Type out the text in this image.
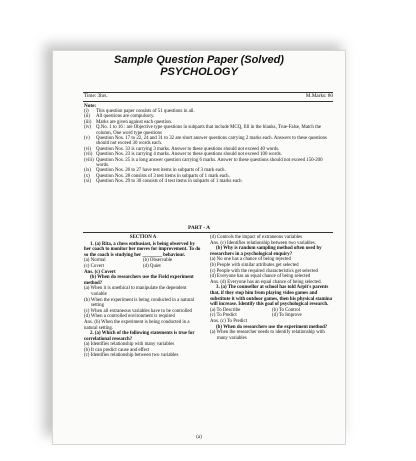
Sample Question Paper (Solved)
PSYCHOLOGY
Time: 3hrs.	M.Marks: 80
Note:
(i)	This question paper consists of 51 questions in all.
(ii)	All questions are compulsory.
(iii) Marks are given against each question.
(iv)	Q.No. 1 to 16 : are Objective type questions in subparts that include MCQ, fill in the blanks, True-False, Match the column, One word type questions
(v)	Question Nos. 17 to 22, 24 and 31 to 32 are short answer questions carrying 2 marks each. Answers to these questions should not exceed 30 words each.
(vi)	Question Nos. 33 is carrying 3 marks. Answer to these questions should not exceed 40 words.
(vii) Question Nos. 23 is carrying 4 marks. Answer to these questions should not exceed 100 words.
(viii) Question Nos. 25 is a long answer question carrying 6 marks. Answer to these questions should not exceed 150-200 words.
(ix)	Question Nos. 26 to 27 have test items in subparts of 3 mark each.
(x)	Question Nos. 28 consists of 3 test items in subparts of 1 mark each.
(xi)	Question Nos. 29 to 30 consists of 4 test items in subparts of 1 marks each
PART - A
SECTION A
1. (a) Rita, a chess enthusiast, is being observed by her coach to monitor her moves for improvement. To do so the coach is studying her ________ behaviour.
(a) Normal	(b) Observable
(c) Covert	(d) Quiet
Ans. (c) Covert
(b) When do researchers use the Field experiment method?
(a) When it is unethical to manipulate the dependent variable
(b) When the experiment is being conducted in a natural setting
(c) When all extraneous variables have to be controlled
(d) When a controlled environment is required
Ans. (b) When the experiment is being conducted in a natural setting.
2. (a) Which of the following statements is true for correlational research?
(a) Identifies relationship with many variables
(b) It can predict cause and effect
(c) Identifies relationship between two variables
(d) Controls the impact of extraneous variables
Ans. (c) Identifies relationship between two variables.
(b) Why is random sampling method often used by researchers in a psychological enquiry?
(a) No one has a chance of being rejected
(b) People with similar attributes get selected
(c) People with the required characteristics get selected
(d) Everyone has an equal chance of being selected
Ans. (d) Everyone has an equal chance of being selected.
3. (a) The counsellor at school has told Arpit's parents that, if they stop him from playing video games and substitute it with outdoor games, then his physical stamina will increase. Identify this goal of psychological research.
(a) To Describe	(b) To Control
(c) To Predict	(d) To Improve
Ans. (c) To Predict
(b) When do researchers use the experiment method?
(a) When the researcher needs to identify relationship with many variables
(a)
